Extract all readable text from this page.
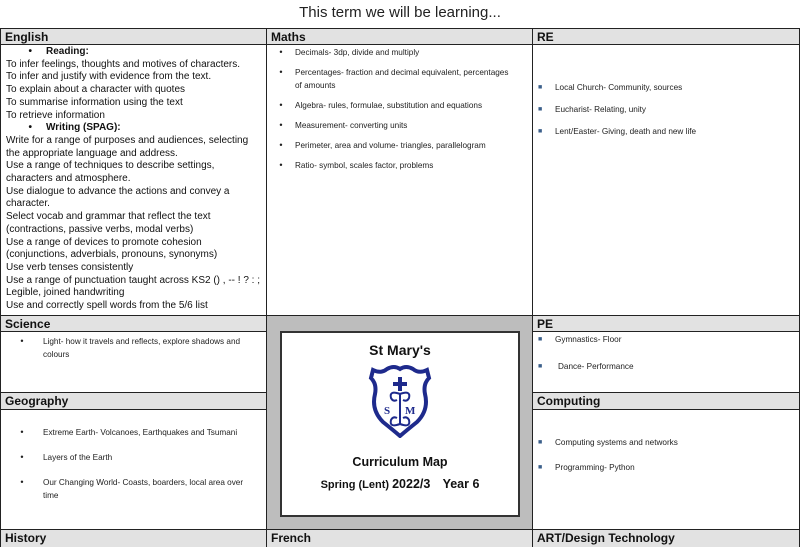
This term we will be learning...
English	Maths	RE
•	Reading:
To infer feelings, thoughts and motives of characters.
To infer and justify with evidence from the text.
To explain about a character with quotes
To summarise information using the text
To retrieve information
•	Writing (SPAG):
Write for a range of purposes and audiences, selecting the appropriate language and address.
Use a range of techniques to describe settings, characters and atmosphere.
Use dialogue to advance the actions and convey a character.
Select vocab and grammar that reflect the text (contractions, passive verbs, modal verbs)
Use a range of devices to promote cohesion (conjunctions, adverbials, pronouns, synonyms)
Use verb tenses consistently
Use a range of punctuation taught across KS2 () , -- ! ? : ;
Legible, joined handwriting
Use and correctly spell words from the 5/6 list
•	Decimals- 3dp, divide and multiply
•	Percentages- fraction and decimal equivalent, percentages of amounts
•	Algebra- rules, formulae, substitution and equations
•	Measurement- converting units
•	Perimeter, area and volume- triangles, parallelogram
•	Ratio- symbol, scales factor, problems
■	Local Church- Community, sources
■	Eucharist- Relating, unity
■	Lent/Easter- Giving, death and new life
Science
•	Light- how it travels and reflects, explore shadows and colours
Geography
•	Extreme Earth- Volcanoes, Earthquakes and Tsumani
•	Layers of the Earth
•	Our Changing World- Coasts, boarders, local area over time
St Mary's
S M
Curriculum Map
Spring (Lent) 2022/3 Year 6
PE
■	Gymnastics- Floor
■	Dance- Performance
Computing
■	Computing systems and networks
■	Programming- Python
History	French	ART/Design Technology
